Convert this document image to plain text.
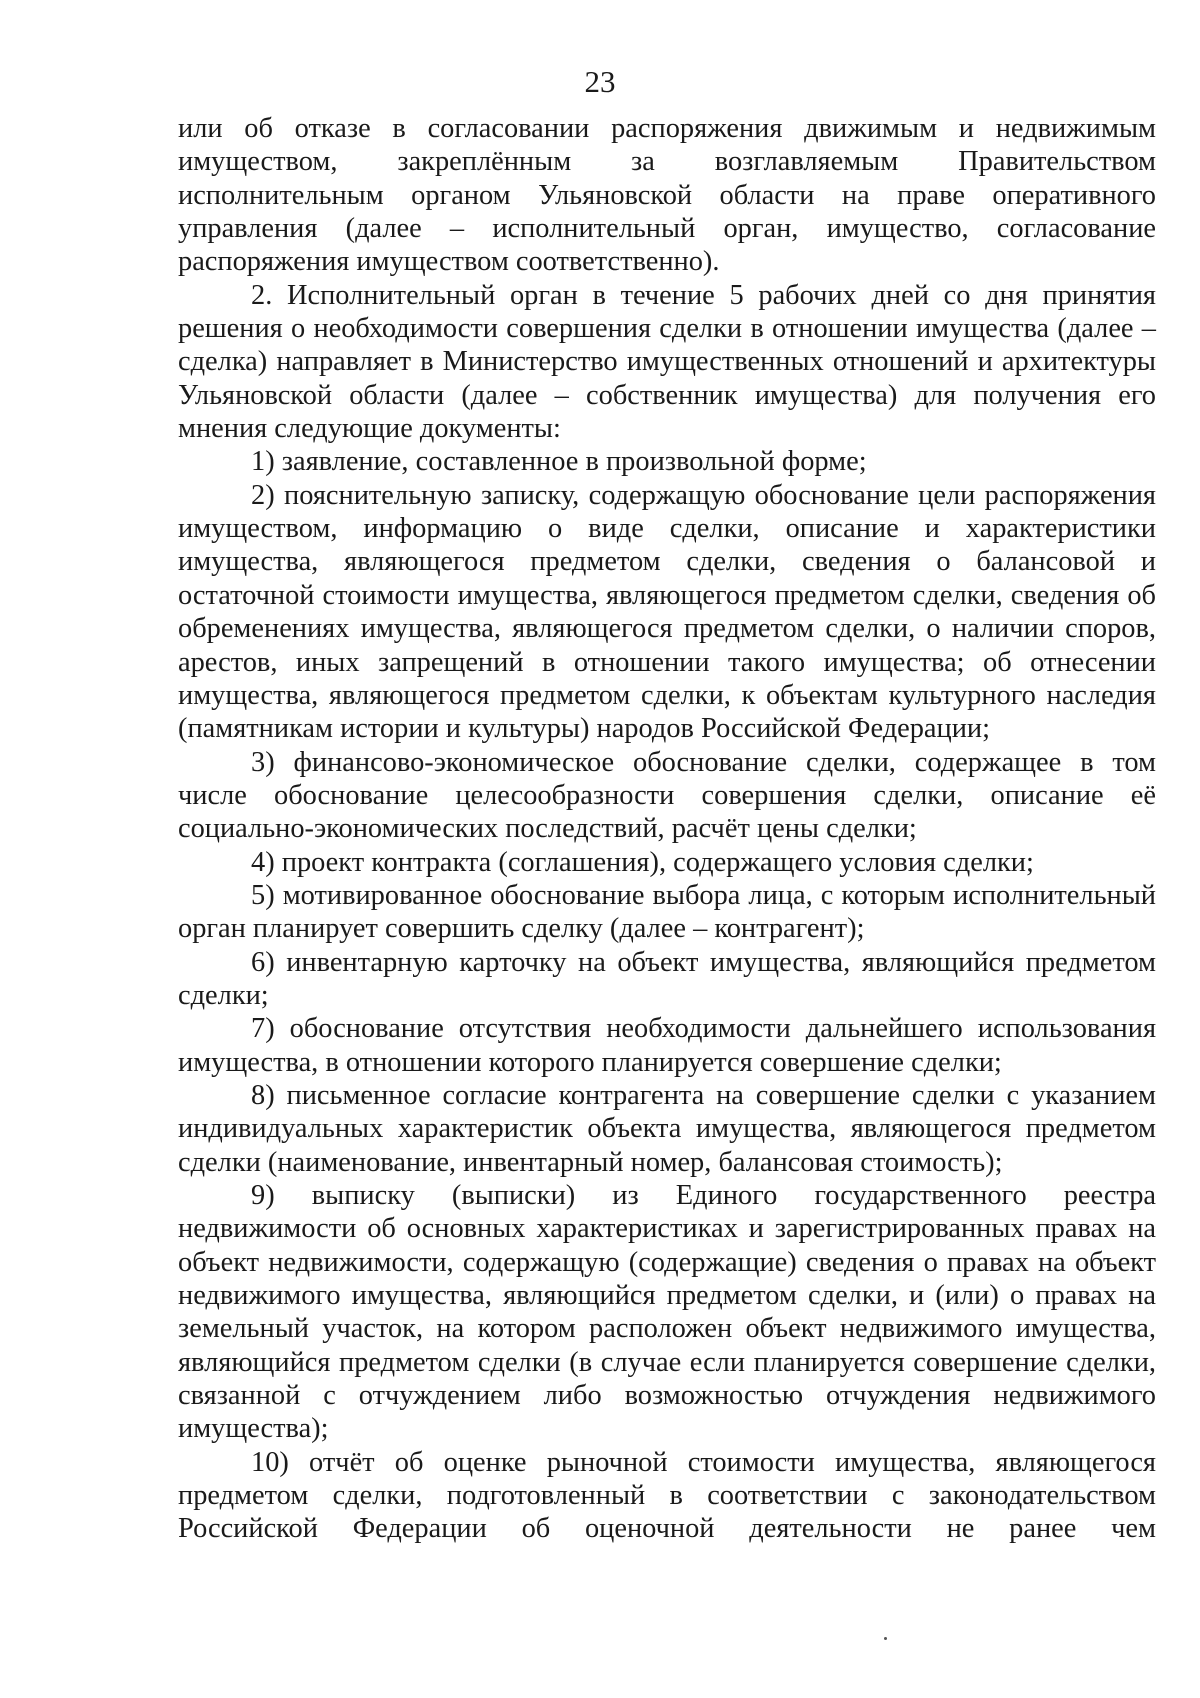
23

или об отказе в согласовании распоряжения движимым и недвижимым имуществом, закреплённым за возглавляемым Правительством исполнительным органом Ульяновской области на праве оперативного управления (далее – исполнительный орган, имущество, согласование распоряжения имуществом соответственно).

2. Исполнительный орган в течение 5 рабочих дней со дня принятия решения о необходимости совершения сделки в отношении имущества (далее – сделка) направляет в Министерство имущественных отношений и архитектуры Ульяновской области (далее – собственник имущества) для получения его мнения следующие документы:

1) заявление, составленное в произвольной форме;

2) пояснительную записку, содержащую обоснование цели распоряжения имуществом, информацию о виде сделки, описание и характеристики имущества, являющегося предметом сделки, сведения о балансовой и остаточной стоимости имущества, являющегося предметом сделки, сведения об обременениях имущества, являющегося предметом сделки, о наличии споров, арестов, иных запрещений в отношении такого имущества; об отнесении имущества, являющегося предметом сделки, к объектам культурного наследия (памятникам истории и культуры) народов Российской Федерации;

3) финансово-экономическое обоснование сделки, содержащее в том числе обоснование целесообразности совершения сделки, описание её социально-экономических последствий, расчёт цены сделки;

4) проект контракта (соглашения), содержащего условия сделки;

5) мотивированное обоснование выбора лица, с которым исполнительный орган планирует совершить сделку (далее – контрагент);

6) инвентарную карточку на объект имущества, являющийся предметом сделки;

7) обоснование отсутствия необходимости дальнейшего использования имущества, в отношении которого планируется совершение сделки;

8) письменное согласие контрагента на совершение сделки с указанием индивидуальных характеристик объекта имущества, являющегося предметом сделки (наименование, инвентарный номер, балансовая стоимость);

9) выписку (выписки) из Единого государственного реестра недвижимости об основных характеристиках и зарегистрированных правах на объект недвижимости, содержащую (содержащие) сведения о правах на объект недвижимого имущества, являющийся предметом сделки, и (или) о правах на земельный участок, на котором расположен объект недвижимого имущества, являющийся предметом сделки (в случае если планируется совершение сделки, связанной с отчуждением либо возможностью отчуждения недвижимого имущества);

10) отчёт об оценке рыночной стоимости имущества, являющегося предметом сделки, подготовленный в соответствии с законодательством Российской Федерации об оценочной деятельности не ранее чем
